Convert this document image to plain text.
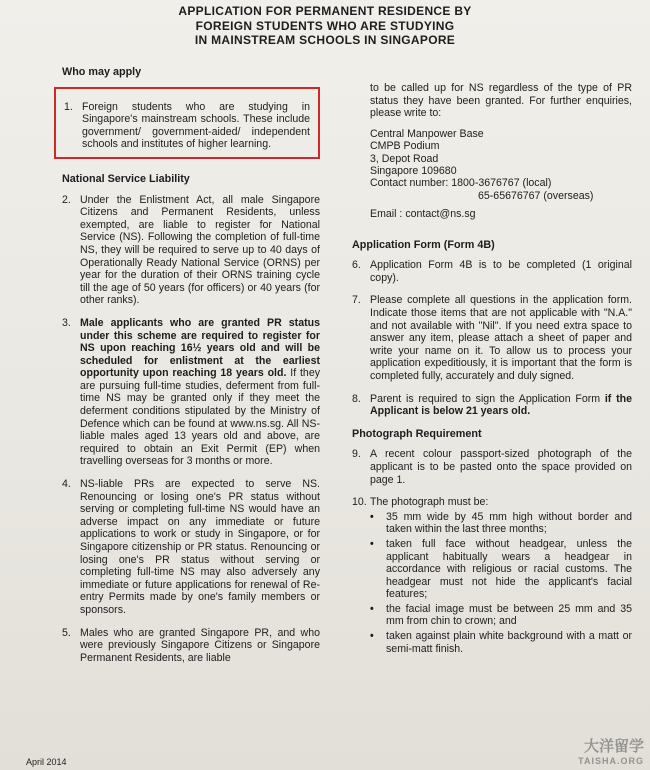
APPLICATION FOR PERMANENT RESIDENCE BY
FOREIGN STUDENTS WHO ARE STUDYING
IN MAINSTREAM SCHOOLS IN SINGAPORE
Who may apply
1. Foreign students who are studying in Singapore's mainstream schools. These include government/ government-aided/ independent schools and institutes of higher learning.
National Service Liability
2. Under the Enlistment Act, all male Singapore Citizens and Permanent Residents, unless exempted, are liable to register for National Service (NS). Following the completion of full-time NS, they will be required to serve up to 40 days of Operationally Ready National Service (ORNS) per year for the duration of their ORNS training cycle till the age of 50 years (for officers) or 40 years (for other ranks).
3. Male applicants who are granted PR status under this scheme are required to register for NS upon reaching 16½ years old and will be scheduled for enlistment at the earliest opportunity upon reaching 18 years old. If they are pursuing full-time studies, deferment from full-time NS may be granted only if they meet the deferment conditions stipulated by the Ministry of Defence which can be found at www.ns.sg. All NS-liable males aged 13 years old and above, are required to obtain an Exit Permit (EP) when travelling overseas for 3 months or more.
4. NS-liable PRs are expected to serve NS. Renouncing or losing one's PR status without serving or completing full-time NS would have an adverse impact on any immediate or future applications to work or study in Singapore, or for Singapore citizenship or PR status. Renouncing or losing one's PR status without serving or completing full-time NS may also adversely any immediate or future applications for renewal of Re-entry Permits made by one's family members or sponsors.
5. Males who are granted Singapore PR, and who were previously Singapore Citizens or Singapore Permanent Residents, are liable
to be called up for NS regardless of the type of PR status they have been granted. For further enquiries, please write to:
Central Manpower Base
CMPB Podium
3, Depot Road
Singapore 109680
Contact number: 1800-3676767 (local)
65-65676767 (overseas)
Email : contact@ns.sg
Application Form (Form 4B)
6. Application Form 4B is to be completed (1 original copy).
7. Please complete all questions in the application form. Indicate those items that are not applicable with "N.A." and not available with "Nil". If you need extra space to answer any item, please attach a sheet of paper and write your name on it. To allow us to process your application expeditiously, it is important that the form is completed fully, accurately and duly signed.
8. Parent is required to sign the Application Form if the Applicant is below 21 years old.
Photograph Requirement
9. A recent colour passport-sized photograph of the applicant is to be pasted onto the space provided on page 1.
10. The photograph must be:
•	35 mm wide by 45 mm high without border and taken within the last three months;
•	taken full face without headgear, unless the applicant habitually wears a headgear in accordance with religious or racial customs. The headgear must not hide the applicant's facial features;
•	the facial image must be between 25 mm and 35 mm from chin to crown; and
•	taken against plain white background with a matt or semi-matt finish.
April 2014
大洋留学
TAISHA.ORG
